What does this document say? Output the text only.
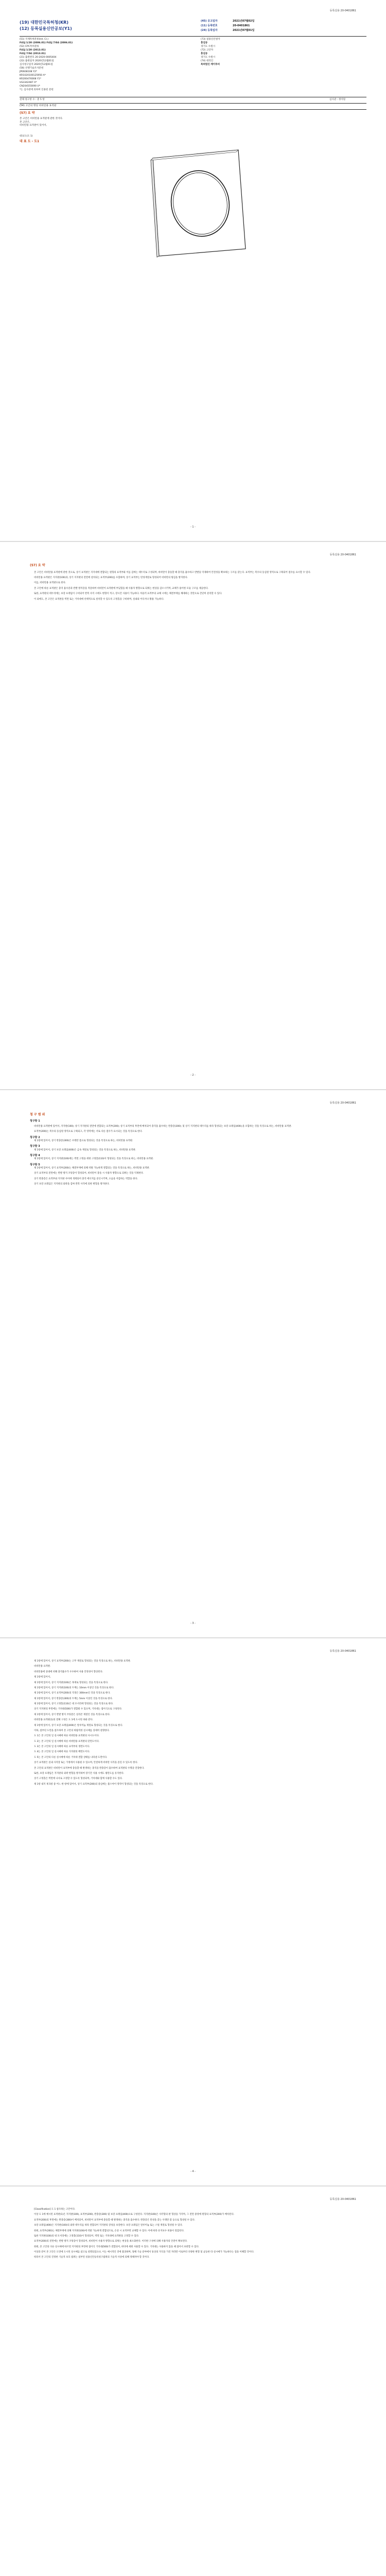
등록실용 20-0401861
(19) 대한민국특허청(KR)
(12) 등록실용신안공보(Y1)
(45) 공고일자	2021년07월02일
(11) 등록번호	20-0401861
(24) 등록일자	2021년07월01일
(51) 국제특허분류(Int. Cl.)
F41J 1/20 (2006.01) F41J 7/04 (2006.01)
(52) CPC특허분류
F41J 1/20 (2013.01)
F41J 7/04 (2013.01)
(21) 출원번호 20-2020-0005404
(22) 출원일자 2020년12월01일
심사청구일자 2020년12월01일
(56) 선행기술조사문헌
JP0608108 Y2*
KR1020100125950 A*
KR200476008 Y1*
US3342487 A*
CN204555690 U*
*는 심사관에 의하여 인용된 문헌
(73) 실용신안권자
홍길동
경기도 수원시
(72) 고안자
홍길동
경기도 수원시
(74) 대리인
특허법인 케이투비
전체 청구항 수 : 총 5 항	심사관 : 정이원
(54) 고안의 명칭 비비탄용 표적판
(57) 요 약
본 고안은 비비탄용 표적판에 관한 것이다.
본 고안은,
비비탄용 표적판이 있어서,
대표도(도 1)
대 표 도 - 도1
- 1 -
등록실용 20-0401861
(57) 요 약

본 고안은 비비탄용 표적판에 관한 것으로, 상기 표적판은 지지대에 결합되는 원형의 표적부와 이를 감싸는 테두리로 구성되며, 비비탄이 충돌할 때 충격을 흡수하고 반발을 억제하여 안전성을 확보하는 구조를 갖는다. 표적부는 복수의 동심원 영역으로 구획되어 점수를 표시할 수 있다.

비비탄용 표적판은 지지판(100)과, 상기 지지판의 전면에 설치되는 표적부(200)를 포함하며, 상기 표적부는 탄성재질로 형성되어 비비탄의 튕김을 방지한다.

이를, 비비탄용 표적판으로 한다.

본 고안에 따른 표적판은 충격 흡수층과 반발 방지층을 적층하여 비비탄이 표적판에 부딪혔을 때 사용자 방향으로 되튀는 현상을 감소시키며, 교체가 용이한 모듈 구조를 제공한다.

또한, 표적판의 테두리에는 보강 프레임이 구비되어 반복 사격 시에도 변형이 적고, 장시간 사용이 가능하다. 아울러 표적부의 교체 시에는 체결부재를 해제하는 것만으로 간단히 분리할 수 있다.

이 외에도, 본 고안은 표적판을 벽면 또는 거치대에 선택적으로 설치할 수 있도록 고정홀을 구비하며, 실내외 어디서나 활용 가능하다.

- 2 -
등록실용 20-0401861
청 구 범 위
청구항 1

비비탄용 표적판에 있어서, 지지판(100); 상기 지지판의 전면에 결합되는 표적부(200); 상기 표적부의 후면에 배치되어 충격을 흡수하는 완충층(300); 및 상기 지지판의 테두리를 따라 형성되는 보강 프레임(400);을 포함하는 것을 특징으로 하는, 비비탄용 표적판.

표적부(200)는 복수의 동심원 영역으로 구획되고, 각 영역에는 서로 다른 점수가 표시되는 것을 특징으로 한다.

청구항 2

제 1항에 있어서, 상기 완충층(300)은 우레탄 폼으로 형성되는 것을 특징으로 하는, 비비탄용 표적판.

청구항 3

제 1항에 있어서, 상기 보강 프레임(400)은 금속 재질로 형성되는 것을 특징으로 하는, 비비탄용 표적판.

청구항 4

제 1항에 있어서, 상기 지지판(100)에는 벽면 고정을 위한 고정홀(110)이 형성되는 것을 특징으로 하는, 비비탄용 표적판.

청구항 5

제 1항에 있어서, 상기 표적부(200)는 체결부재에 의해 착탈 가능하게 결합되는 것을 특징으로 하는, 비비탄용 표적판.

상기 표적부의 전면에는 반발 방지 코팅층이 형성되어, 비비탄이 충돌 시 사용자 방향으로 되튀는 것을 억제한다.

상기 완충층은 표적부와 지지판 사이에 개재되어 충격 에너지를 분산시키며, 소음을 저감하는 역할을 한다.

상기 보강 프레임은 지지판의 외곽을 감싸 반복 사격에 의한 변형을 방지한다.

- 3 -
등록실용 20-0401861

제 1항에 있어서, 상기 표적부(200)는 고무 재질로 형성되는 것을 특징으로 하는, 비비탄용 표적판.

비비탄용 표적판.

비비탄용에 상대에 비해 충격흡수가 우수하여 사용 안정성이 향상된다.

제 1항에 있어서,

제 1항에 있어서, 상기 지지판(100)은 목재로 형성되는 것을 특징으로 한다.

제 1항에 있어서, 상기 지지판(100)의 두께는 10mm 이상인 것을 특징으로 한다.

제 1항에 있어서, 상기 표적부(200)의 직경은 300mm인 것을 특징으로 한다.

제 1항에 있어서, 상기 완충층(300)의 두께는 5mm 이상인 것을 특징으로 한다.

제 1항에 있어서, 상기 고정홀(110)은 네 모서리에 형성되는 것을 특징으로 한다.

상기 지지판의 후면에는 거치대(500)가 결합될 수 있으며, 거치대는 접이식으로 구성된다.

제 1항에 있어서, 상기 반발 방지 코팅층은 실리콘 재질인 것을 특징으로 한다.

비비탄용 표적판(1)의 전체 구성은 도 1에 도시된 바와 같다.

제 1항에 있어서, 상기 보강 프레임(400)은 알루미늄 재질로 형성되는 것을 특징으로 한다.

이하, 첨부된 도면을 참조하여 본 고안의 바람직한 실시예를 상세히 설명한다.

도 1은 본 고안의 일 실시예에 따른 비비탄용 표적판의 사시도이다.

도 2는 본 고안의 일 실시예에 따른 비비탄용 표적판의 단면도이다.

도 3은 본 고안의 일 실시예에 따른 표적부의 정면도이다.

도 4는 본 고안의 일 실시예에 따른 지지판의 배면도이다.

도 5는 본 고안의 다른 실시예에 따른 거치대 결합 상태를 나타낸 도면이다.

상기 표적판은 실내 사격장 또는 가정에서 사용될 수 있으며, 안전하게 비비탄 사격을 즐길 수 있도록 한다.

본 고안의 표적판은 비비탄이 표적부에 충돌할 때 발생하는 충격을 완충층이 흡수하여 표적판의 수명을 연장한다.

또한, 보강 프레임은 지지판의 외곽 변형을 방지하여 장기간 사용 시에도 평탄도를 유지한다.

상기 고정홀은 벽면에 나사로 고정할 수 있도록 형성되며, 거치대와 함께 사용할 수도 있다.

제 1항 내지 제 5항 중 어느 한 항에 있어서, 상기 표적부(200)의 중심에는 불스아이 영역이 형성되는 것을 특징으로 한다.

- 4 -
등록실용 20-0401861

[Classification] 도 1 참조하는 고안이다.

이상 도 1에 예시된 표적판(1)은 지지판(100), 표적부(200), 완충층(300) 및 보강 프레임(400)으로 구성된다. 지지판(100)은 사각형의 판 형상을 가지며, 그 전면 중앙에 원형의 표적부(200)가 배치된다.

표적부(200)의 후면에는 완충층(300)이 배치되어, 비비탄이 표적부에 충돌할 때 발생하는 충격을 흡수한다. 완충층은 탄성을 갖는 우레탄 폼 등으로 형성될 수 있다.

보강 프레임(400)은 지지판(100)의 외곽 테두리를 따라 결합되어 지지판의 강성을 보강한다. 보강 프레임은 알루미늄 또는 스틸 재질로 형성될 수 있다.

한편, 표적부(200)는 체결부재에 의해 지지판(100)에 착탈 가능하게 결합되므로, 손상 시 표적부만 교체할 수 있다. 이에 따라 유지보수 비용이 절감된다.

또한 지지판(100)의 네 모서리에는 고정홀(110)이 형성되어, 벽면 또는 거치대에 표적판을 고정할 수 있다.

표적부(200)의 전면에는 반발 방지 코팅층이 형성되어, 비비탄이 사용자 방향으로 되튀는 현상을 최소화한다. 이러한 구성에 의해 사용자의 안전이 확보된다.

한편, 본 고안의 다른 실시예에 따르면 지지판의 후면에 접이식 거치대(500)가 결합되어, 바닥에 세워 사용할 수 있다. 거치대는 사용하지 않을 때 접어서 보관할 수 있다.

이상과 같이 본 고안은 도면에 도시된 실시예를 참고로 설명되었으나, 이는 예시적인 것에 불과하며, 당해 기술 분야에서 통상의 지식을 가진 자라면 이로부터 다양한 변형 및 균등한 타 실시예가 가능하다는 점을 이해할 것이다.

따라서 본 고안의 진정한 기술적 보호 범위는 첨부된 실용신안등록청구범위의 기술적 사상에 의해 정해져야 할 것이다.
